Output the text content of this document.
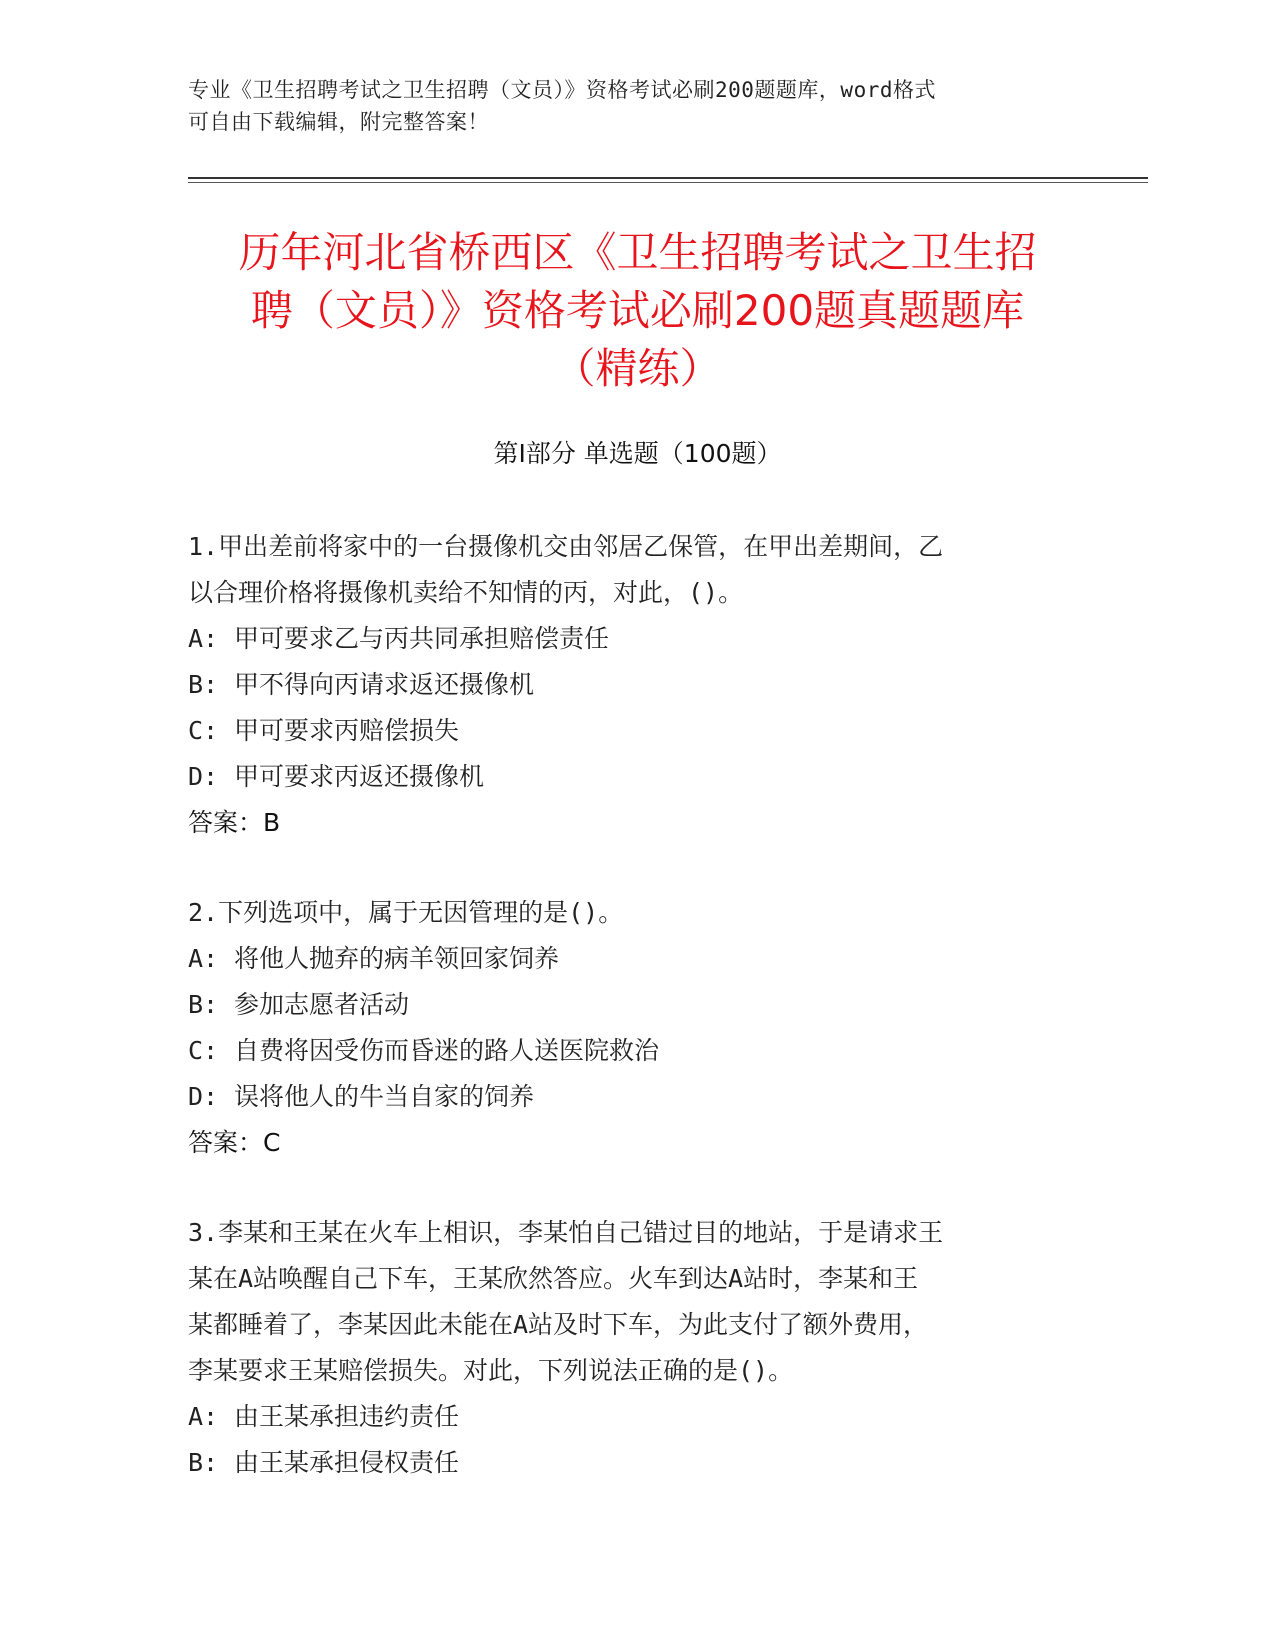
专业《卫生招聘考试之卫生招聘（文员）》资格考试必刷200题题库，word格式
可自由下载编辑，附完整答案！
历年河北省桥西区《卫生招聘考试之卫生招
聘（文员）》资格考试必刷200题真题题库
（精练）
第Ⅰ部分 单选题（100题）

1.甲出差前将家中的一台摄像机交由邻居乙保管，在甲出差期间，乙

以合理价格将摄像机卖给不知情的丙，对此，()。

A: 甲可要求乙与丙共同承担赔偿责任

B: 甲不得向丙请求返还摄像机

C: 甲可要求丙赔偿损失

D: 甲可要求丙返还摄像机

答案：B

2.下列选项中，属于无因管理的是()。

A: 将他人抛弃的病羊领回家饲养

B: 参加志愿者活动

C: 自费将因受伤而昏迷的路人送医院救治

D: 误将他人的牛当自家的饲养

答案：C

3.李某和王某在火车上相识，李某怕自己错过目的地站，于是请求王

某在A站唤醒自己下车，王某欣然答应。火车到达A站时，李某和王

某都睡着了，李某因此未能在A站及时下车，为此支付了额外费用，

李某要求王某赔偿损失。对此，下列说法正确的是()。

A: 由王某承担违约责任

B: 由王某承担侵权责任
